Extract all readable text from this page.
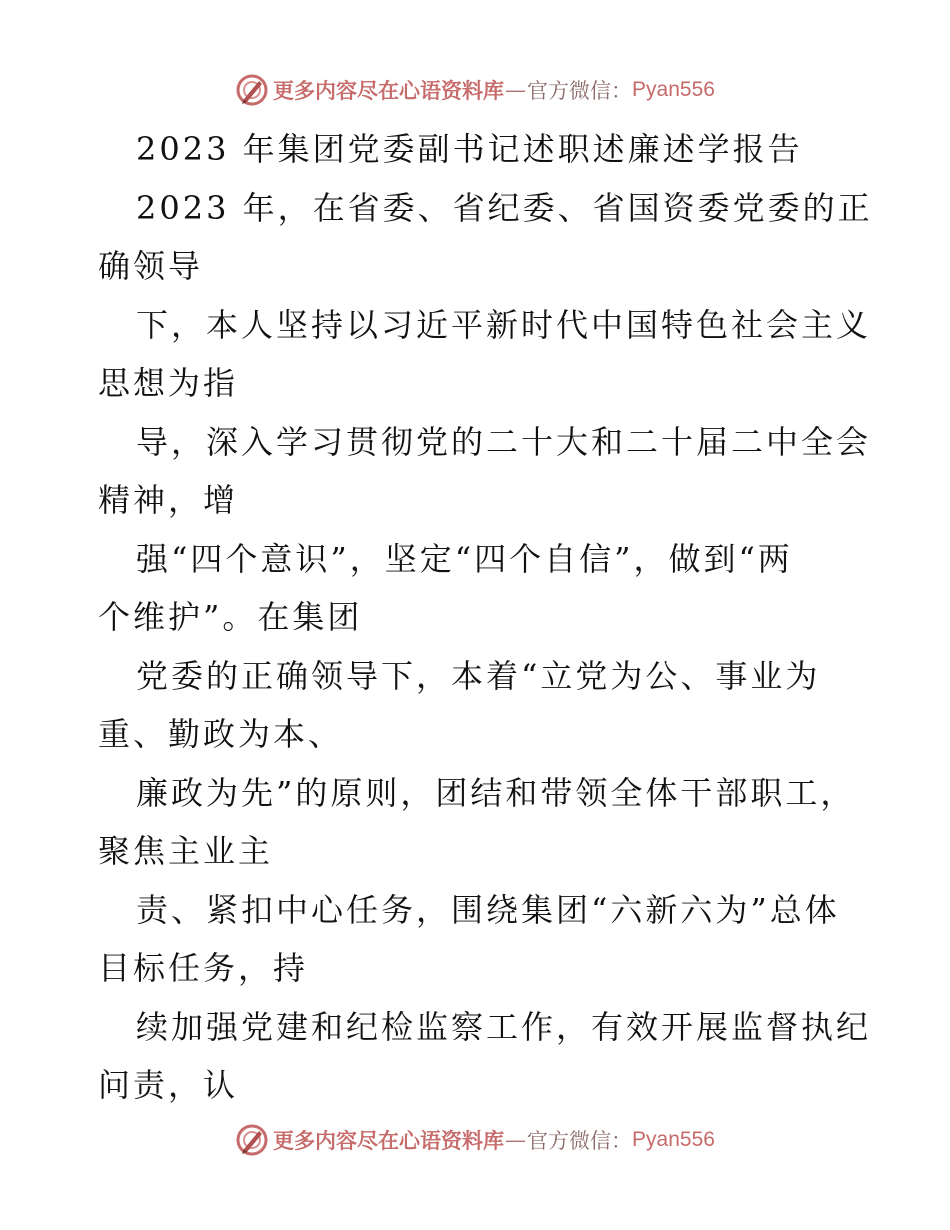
更多内容尽在心语资料库 — 官方微信： Pyan556
2023 年集团党委副书记述职述廉述学报告
2023 年，在省委、省纪委、省国资委党委的正
确领导
下，本人坚持以习近平新时代中国特色社会主义
思想为指
导，深入学习贯彻党的二十大和二十届二中全会
精神，增
强“四个意识”，坚定“四个自信”，做到“两
个维护”。在集团
党委的正确领导下，本着“立党为公、事业为
重、勤政为本、
廉政为先”的原则，团结和带领全体干部职工，
聚焦主业主
责、紧扣中心任务，围绕集团“六新六为”总体
目标任务，持
续加强党建和纪检监察工作，有效开展监督执纪
问责，认
更多内容尽在心语资料库 — 官方微信： Pyan556
